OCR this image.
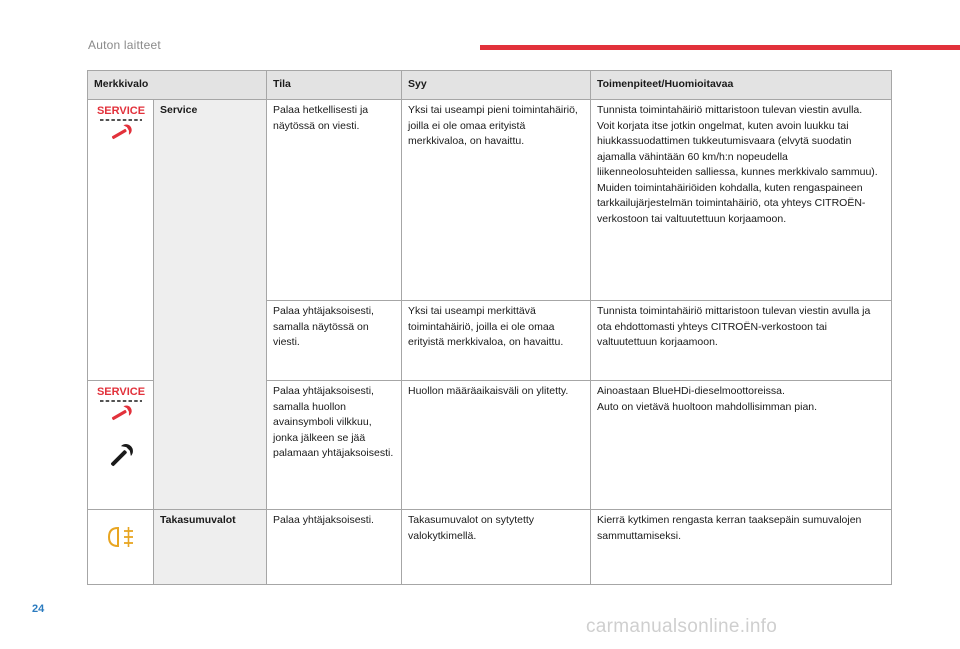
Auton laitteet
Merkkivalo		Tila	Syy	Toimenpiteet/Huomioitavaa

SERVICE	Service	Palaa hetkellisesti ja näytössä on viesti.	Yksi tai useampi pieni toimintahäiriö, joilla ei ole omaa erityistä merkkivaloa, on havaittu.	Tunnista toimintahäiriö mittaristoon tulevan viestin avulla.
Voit korjata itse jotkin ongelmat, kuten avoin luukku tai hiukkassuodattimen tukkeutumisvaara (elvytä suodatin ajamalla vähintään 60 km/h:n nopeudella liikenneolosuhteiden salliessa, kunnes merkkivalo sammuu).
Muiden toimintahäiriöiden kohdalla, kuten rengaspaineen tarkkailujärjestelmän toimintahäiriö, ota yhteys CITROËN-verkostoon tai valtuutettuun korjaamoon.
		Palaa yhtäjaksoisesti, samalla näytössä on viesti.	Yksi tai useampi merkittävä toimintahäiriö, joilla ei ole omaa erityistä merkkivaloa, on havaittu.	Tunnista toimintahäiriö mittaristoon tulevan viestin avulla ja ota ehdottomasti yhteys CITROËN-verkostoon tai valtuutettuun korjaamoon.

SERVICE		Palaa yhtäjaksoisesti, samalla huollon avainsymboli vilkkuu, jonka jälkeen se jää palamaan yhtäjaksoisesti.	Huollon määräaikaisväli on ylitetty.	Ainoastaan BlueHDi-dieselmoottoreissa.
Auto on vietävä huoltoon mahdollisimman pian.

	Takasumuvalot	Palaa yhtäjaksoisesti.	Takasumuvalot on sytytetty valokytkimellä.	Kierrä kytkimen rengasta kerran taaksepäin sumuvalojen sammuttamiseksi.
24
carmanualsonline.info
